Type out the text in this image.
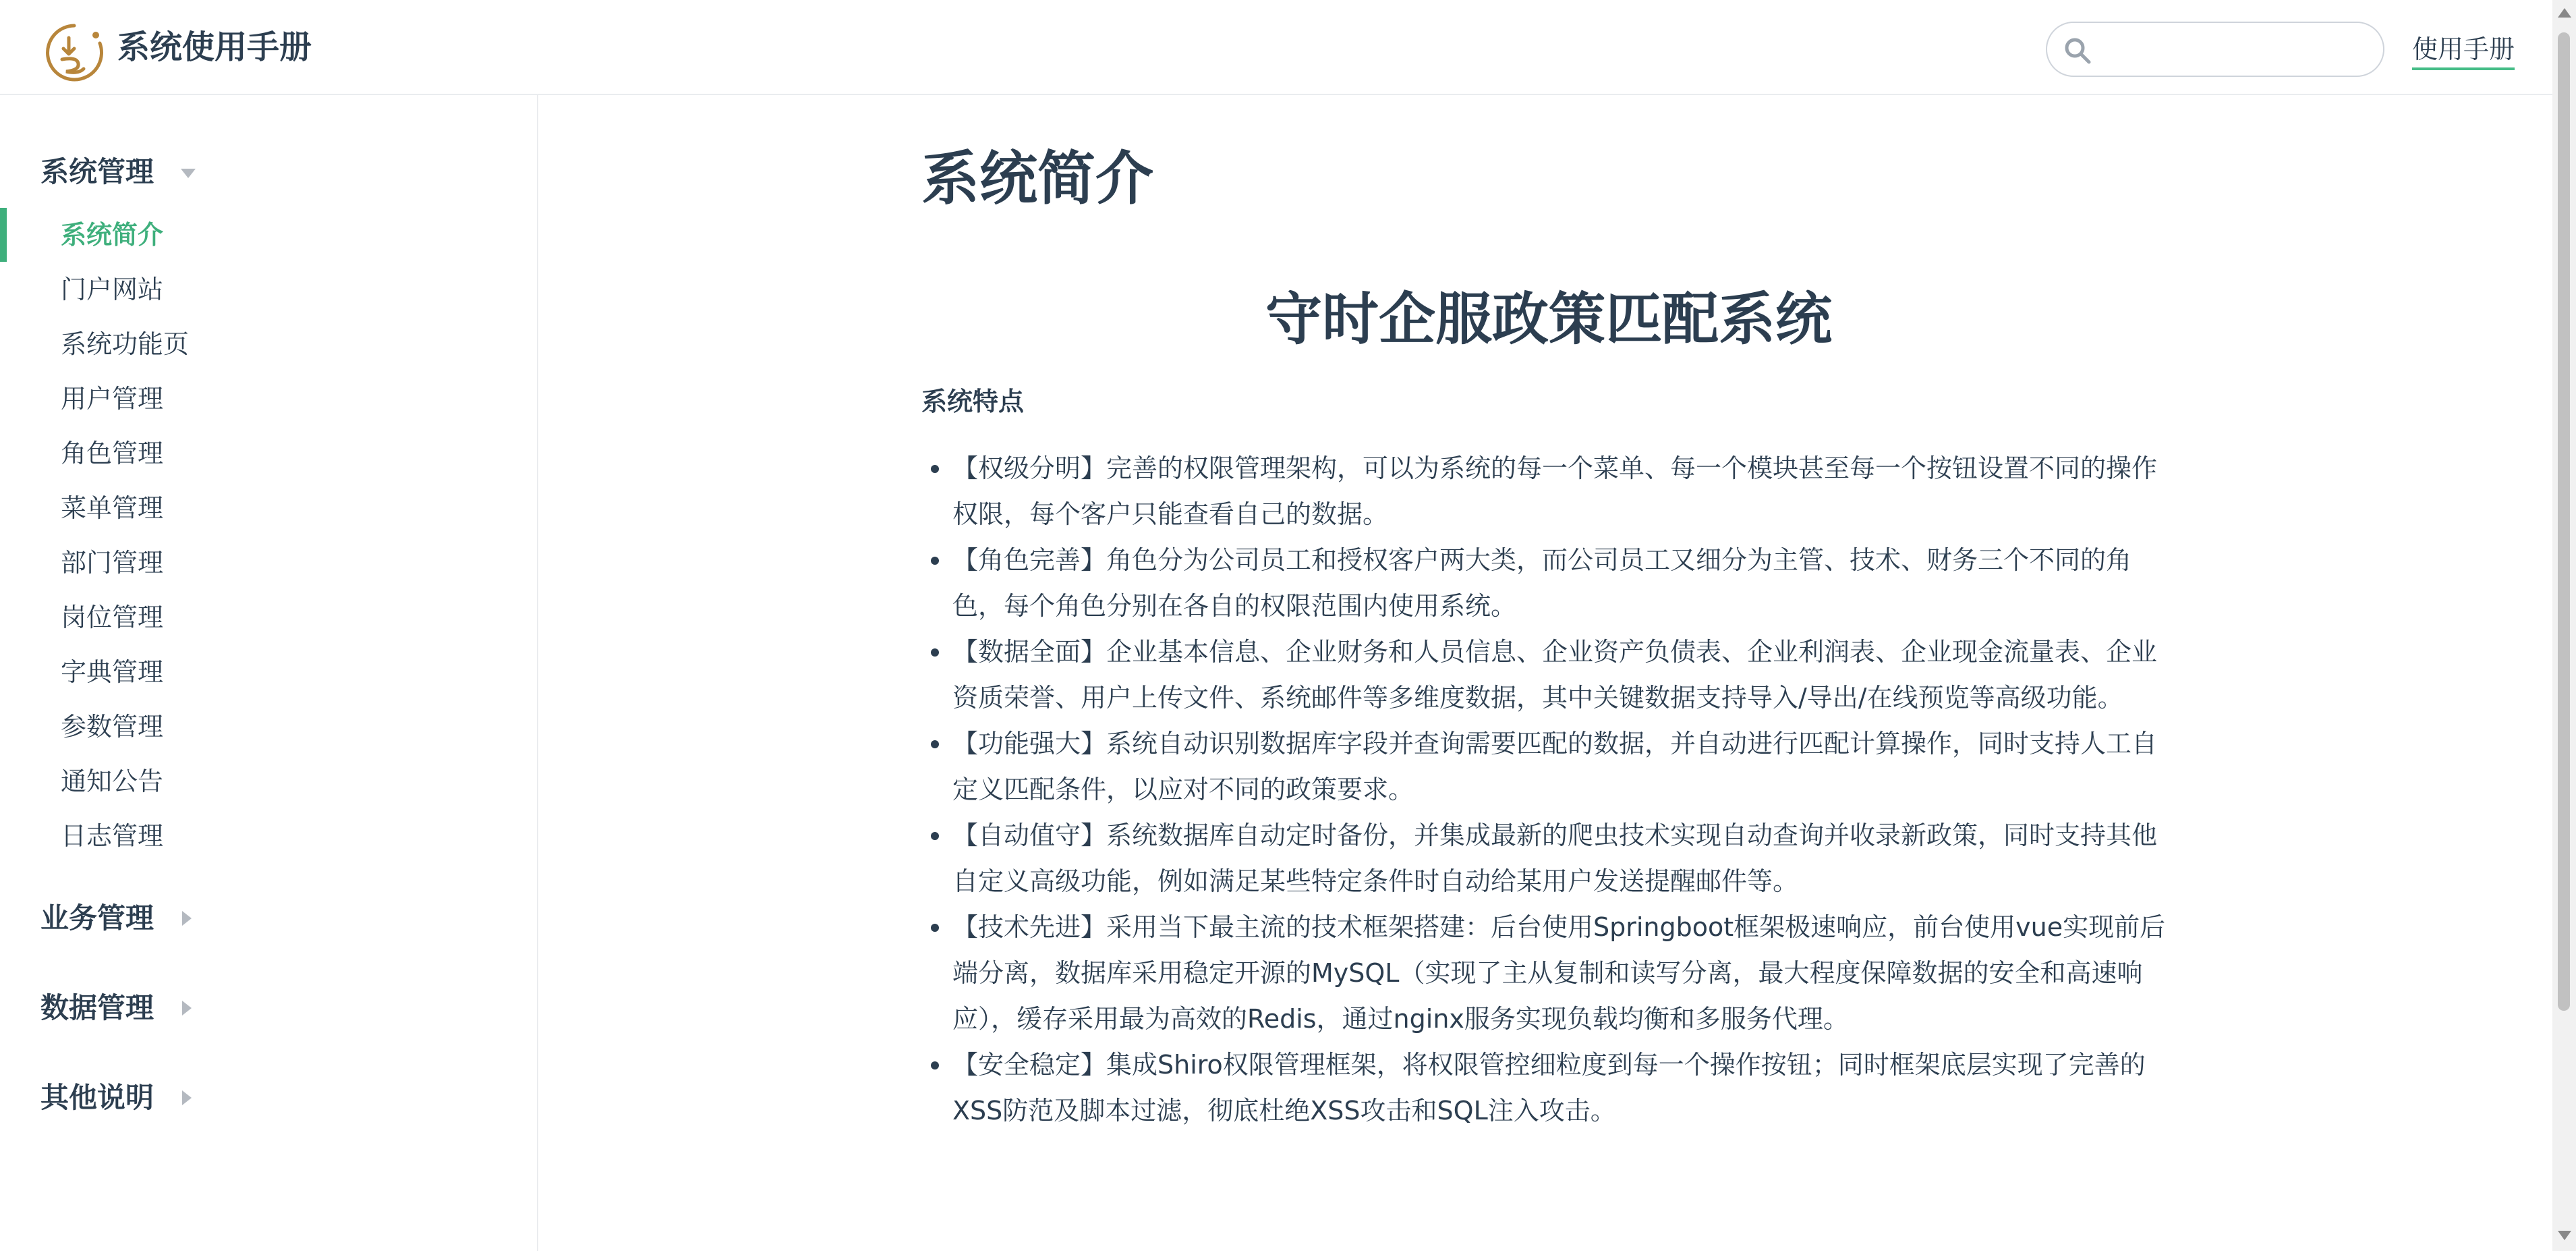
系统使用手册	使用手册
系统管理
系统简介
门户网站
系统功能页
用户管理
角色管理
菜单管理
部门管理
岗位管理
字典管理
参数管理
通知公告
日志管理
业务管理
数据管理
其他说明
系统简介
守时企服政策匹配系统
系统特点
【权级分明】完善的权限管理架构，可以为系统的每一个菜单、每一个模块甚至每一个按钮设置不同的操作权限，每个客户只能查看自己的数据。
【角色完善】角色分为公司员工和授权客户两大类，而公司员工又细分为主管、技术、财务三个不同的角色，每个角色分别在各自的权限范围内使用系统。
【数据全面】企业基本信息、企业财务和人员信息、企业资产负债表、企业利润表、企业现金流量表、企业资质荣誉、用户上传文件、系统邮件等多维度数据，其中关键数据支持导入/导出/在线预览等高级功能。
【功能强大】系统自动识别数据库字段并查询需要匹配的数据，并自动进行匹配计算操作，同时支持人工自定义匹配条件，以应对不同的政策要求。
【自动值守】系统数据库自动定时备份，并集成最新的爬虫技术实现自动查询并收录新政策，同时支持其他自定义高级功能，例如满足某些特定条件时自动给某用户发送提醒邮件等。
【技术先进】采用当下最主流的技术框架搭建：后台使用Springboot框架极速响应，前台使用vue实现前后端分离，数据库采用稳定开源的MySQL（实现了主从复制和读写分离，最大程度保障数据的安全和高速响应），缓存采用最为高效的Redis，通过nginx服务实现负载均衡和多服务代理。
【安全稳定】集成Shiro权限管理框架，将权限管控细粒度到每一个操作按钮；同时框架底层实现了完善的XSS防范及脚本过滤，彻底杜绝XSS攻击和SQL注入攻击。
